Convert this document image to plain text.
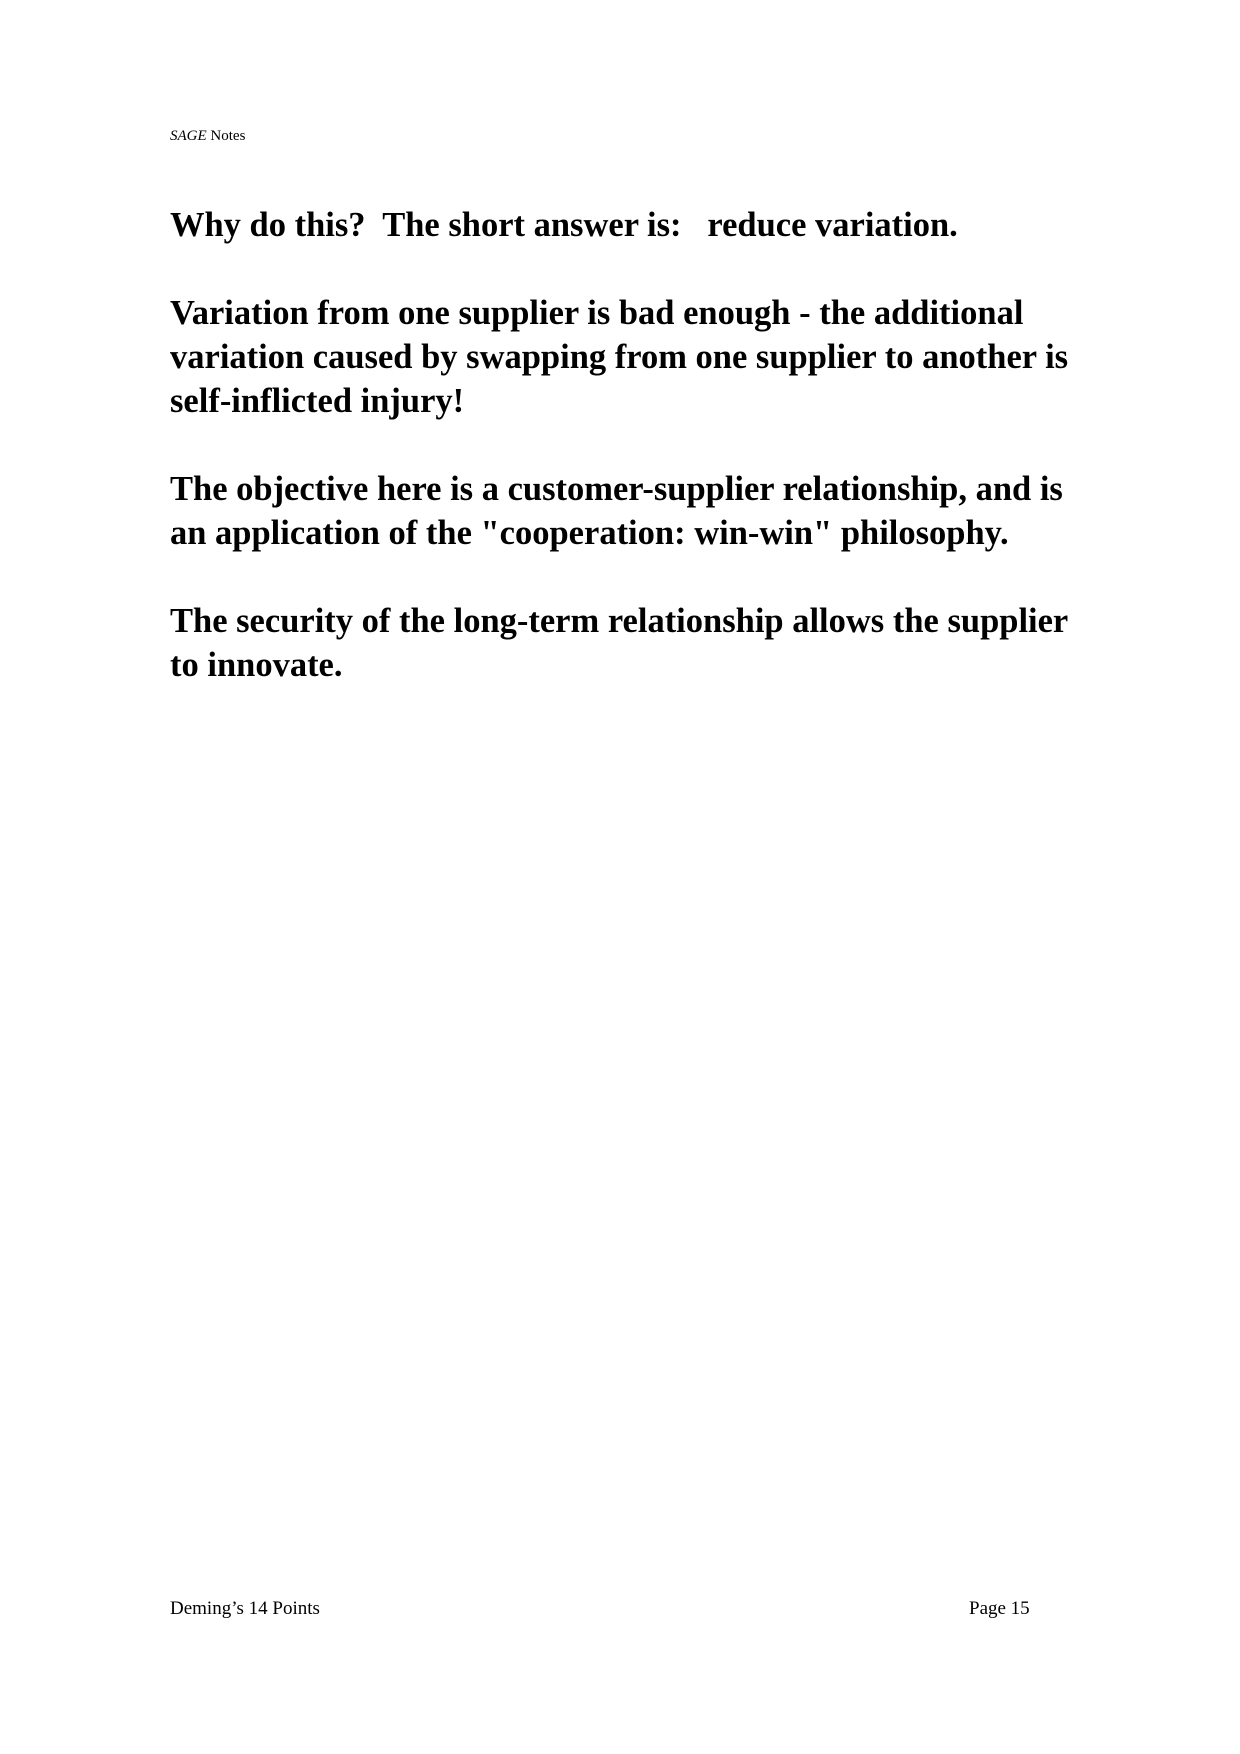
SAGE Notes

Why do this?  The short answer is:   reduce variation.

Variation from one supplier is bad enough - the additional
variation caused by swapping from one supplier to another is
self-inflicted injury!

The objective here is a customer-supplier relationship, and is
an application of the "cooperation: win-win" philosophy.

The security of the long-term relationship allows the supplier
to innovate.

Deming’s 14 Points	Page 15
